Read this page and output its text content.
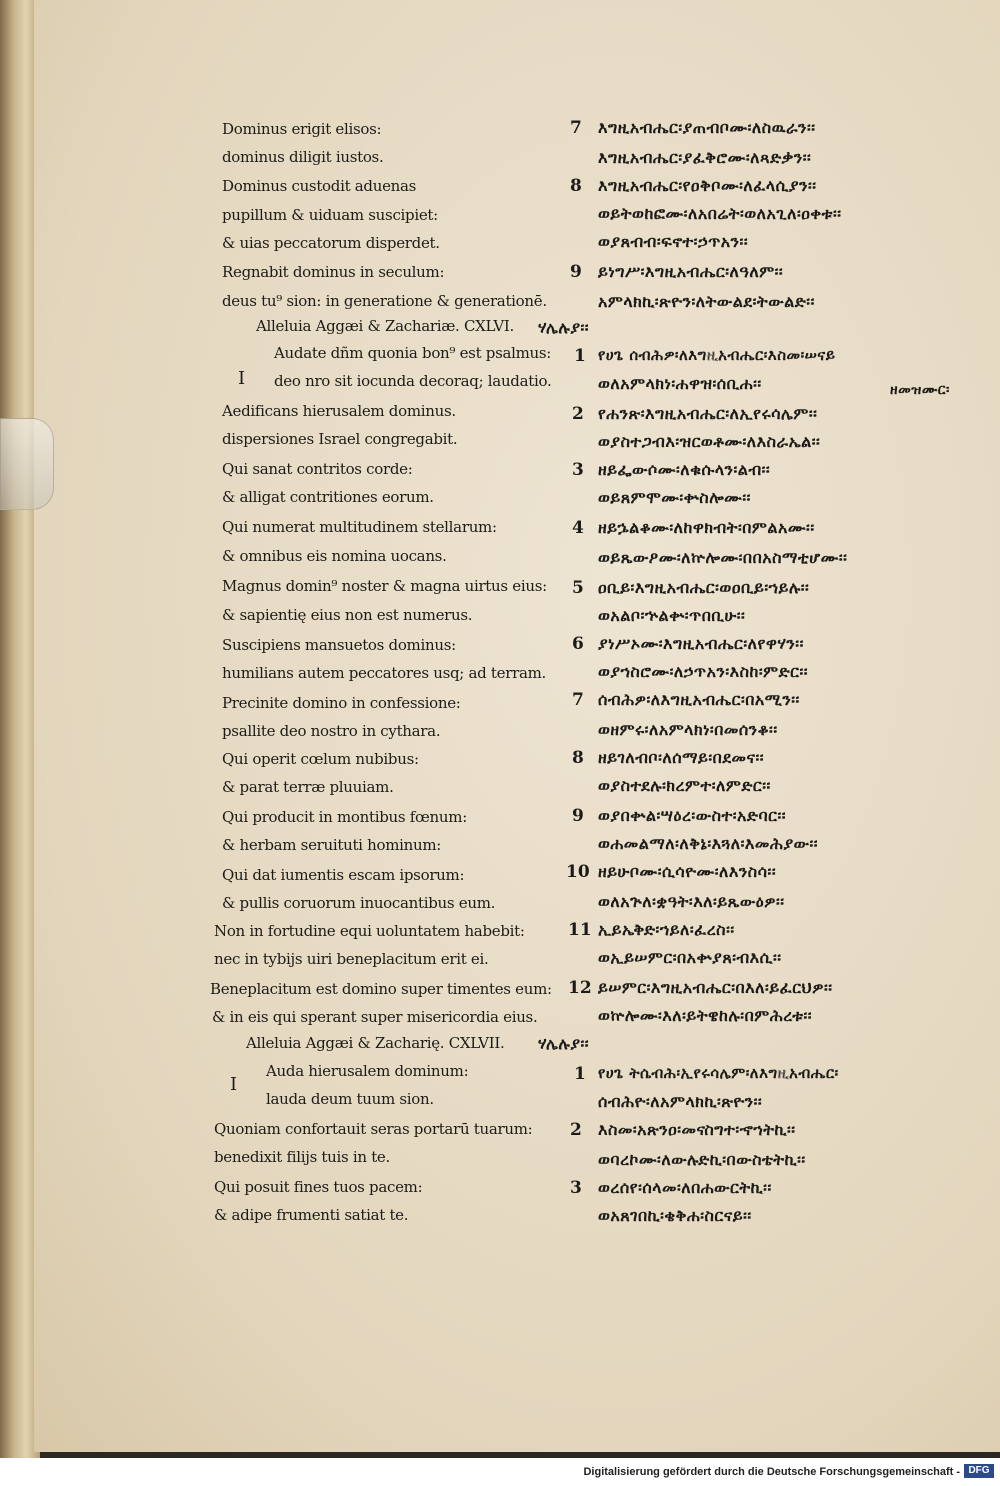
Dominus erigit elisos:
dominus diligit iustos.
Dominus custodit aduenas
pupillum & uiduam suscipiet:
& uias peccatorum disperdet.
Regnabit dominus in seculum:
deus tu⁹ sion: in generatione & generationē.
Alleluia Aggæi & Zachariæ. CXLVI.
Audate dñm quonia bon⁹ est psalmus:
I deo nro sit iocunda decoraq; laudatio.
Aedificans hierusalem dominus.
dispersiones Israel congregabit.
Qui sanat contritos corde:
& alligat contritiones eorum.
Qui numerat multitudinem stellarum:
& omnibus eis nomina uocans.
Magnus domin⁹ noster & magna uirtus eius:
& sapientię eius non est numerus.
Suscipiens mansuetos dominus:
humilians autem peccatores usq; ad terram.
Precinite domino in confessione:
psallite deo nostro in cythara.
Qui operit cœlum nubibus:
& parat terræ pluuiam.
Qui producit in montibus fœnum:
& herbam seruituti hominum:
Qui dat iumentis escam ipsorum:
& pullis coruorum inuocantibus eum.
Non in fortudine equi uoluntatem habebit:
nec in tybijs uiri beneplacitum erit ei.
Beneplacitum est domino super timentes eum:
& in eis qui sperant super misericordia eius.
Alleluia Aggæi & Zacharię. CXLVII.
Auda hierusalem dominum:
I
lauda deum tuum sion.
Quoniam confortauit seras portarū tuarum:
benedixit filijs tuis in te.
Qui posuit fines tuos pacem:
& adipe frumenti satiat te.
እግዚአብሔር፡ያጠብቦሙ፡ለስዉራን፡፡
እግዚአብሔር፡ያፈቅሮሙ፡ለጻድቃን፡፡
እግዚአብሔር፡የዐቅቦሙ፡ለፈላሲያን፡፡
ወይትወከፎሙ፡ለአበሬት፡ወለአጊለ፡ዐቀቱ፡፡
ወያጸብብ፡ፍኖተ፡ኃጥአን፡፡
ይነግሥ፡እግዚአብሔር፡ለዓለም፡፡
አምላክኪ፡ጽዮን፡ለትውልደ፡ትውልድ፡፡
ሃሌሉያ፡፡
የሀጌ ሰብሕዎ፡ለእግዚአብሔር፡እስመ፡ሠናይ
ወለአምላክነ፡ሐዋዝ፡ሰቢሐ፡፡	ዘመዝሙር፡
የሐንጽ፡እግዚአብሔር፡ለኢየሩሳሌም፡፡
ወያስተጋብእ፡ዝርወቶሙ፡ለእስራኤል፡፡
ዘይፌውሶሙ፡ለቁሱላን፡ልብ፡፡
ወይጸምሞሙ፡ቍስሎሙ፡፡
ዘይኌልቆሙ፡ለከዋክብት፡በምልአሙ፡፡
ወይጼውዖሙ፡ለኵሎሙ፡በበአስማቲሆሙ፡፡
ዐቢይ፡እግዚአብሔር፡ወዐቢይ፡ኀይሉ፡፡
ወአልቦ፡ኍልቍ፡ጥበቢሁ፡፡
ያነሥኦሙ፡እግዚአብሔር፡ለየዋሃን፡፡
ወያኀስሮሙ፡ለኃጥአን፡እስከ፡ምድር፡፡
ሰብሕዎ፡ለእግዚአብሔር፡በአሚን፡፡
ወዘምሩ፡ለአምላክነ፡በመሰንቆ፡፡
ዘይገለብቦ፡ለሰማይ፡በደመና፡፡
ወያስተደሉ፡ክረምተ፡ለምድር፡፡
ወያበቍል፡ሣዕረ፡ውስተ፡አድባር፡፡
ወሐመልማለ፡ለቅኔ፡እጓለ፡እመሕያው፡፡
ዘይሁቦሙ፡ሲሳዮሙ፡ለእንስሳ፡፡
ወለአጕለ፡ቋዓት፡እለ፡ይጼውዕዎ፡፡
ኢይኤቅድ፡ኀይለ፡ፈረስ፡፡
ወኢይሠምር፡በአቍያጸ፡ብእሲ፡፡
ይሠምር፡እግዚአብሔር፡በእለ፡ይፈርህዎ፡፡
ወኵሎሙ፡እለ፡ይትዌከሉ፡በምሕረቱ፡፡
ሃሌሉያ፡፡
የሀጌ ትሴብሕ፡ኢየሩሳሌም፡ለእግዚአብሔር፡
ሰብሕዮ፡ለአምላክኪ፡ጽዮን፡፡
እስመ፡አጽንዐ፡መናስግተ፡ኆኀትኪ፡፡
ወባረኮሙ፡ለውሉድኪ፡በውስቴትኪ፡፡
ወረሰየ፡ሰላመ፡ለበሐውርትኪ፡፡
ወአጸገበኪ፡ቄቅሐ፡ስርናይ፡፡
7
8
9
1
2
3
4
5
6
7
8
9
10
11
12
1
2
3
Digitalisierung gefördert durch die Deutsche Forschungsgemeinschaft - DFG
